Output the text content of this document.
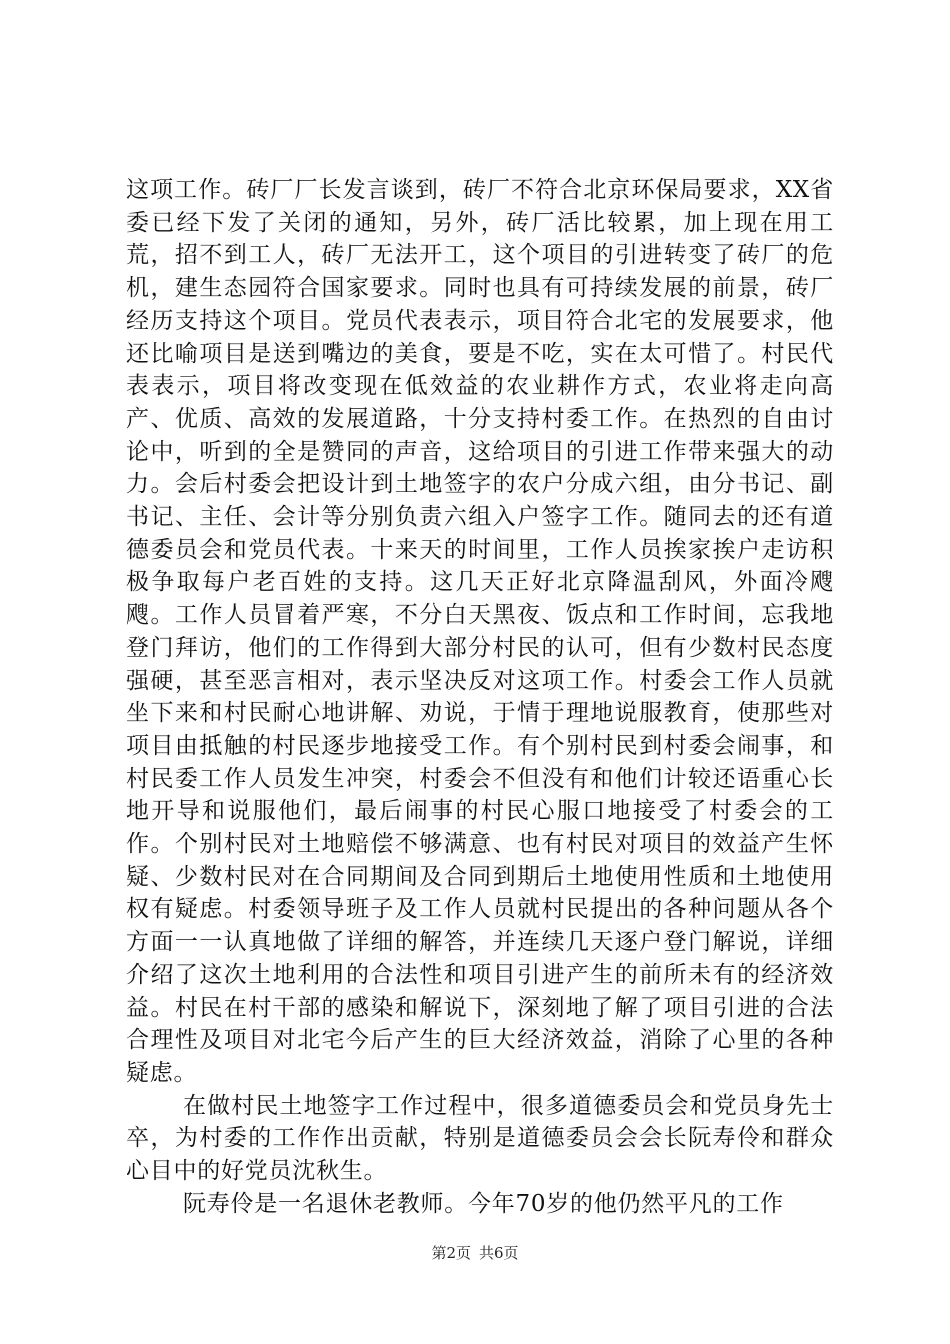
这项工作。砖厂厂长发言谈到，砖厂不符合北京环保局要求，XX省委已经下发了关闭的通知，另外，砖厂活比较累，加上现在用工荒，招不到工人，砖厂无法开工，这个项目的引进转变了砖厂的危机，建生态园符合国家要求。同时也具有可持续发展的前景，砖厂经历支持这个项目。党员代表表示，项目符合北宅的发展要求，他还比喻项目是送到嘴边的美食，要是不吃，实在太可惜了。村民代表表示，项目将改变现在低效益的农业耕作方式，农业将走向高产、优质、高效的发展道路，十分支持村委工作。在热烈的自由讨论中，听到的全是赞同的声音，这给项目的引进工作带来强大的动力。会后村委会把设计到土地签字的农户分成六组，由分书记、副书记、主任、会计等分别负责六组入户签字工作。随同去的还有道德委员会和党员代表。十来天的时间里，工作人员挨家挨户走访积极争取每户老百姓的支持。这几天正好北京降温刮风，外面冷飕飕。工作人员冒着严寒，不分白天黑夜、饭点和工作时间，忘我地登门拜访，他们的工作得到大部分村民的认可，但有少数村民态度强硬，甚至恶言相对，表示坚决反对这项工作。村委会工作人员就坐下来和村民耐心地讲解、劝说，于情于理地说服教育，使那些对项目由抵触的村民逐步地接受工作。有个别村民到村委会闹事，和村民委工作人员发生冲突，村委会不但没有和他们计较还语重心长地开导和说服他们，最后闹事的村民心服口地接受了村委会的工作。个别村民对土地赔偿不够满意、也有村民对项目的效益产生怀疑、少数村民对在合同期间及合同到期后土地使用性质和土地使用权有疑虑。村委领导班子及工作人员就村民提出的各种问题从各个方面一一认真地做了详细的解答，并连续几天逐户登门解说，详细介绍了这次土地利用的合法性和项目引进产生的前所未有的经济效益。村民在村干部的感染和解说下，深刻地了解了项目引进的合法合理性及项目对北宅今后产生的巨大经济效益，消除了心里的各种疑虑。

在做村民土地签字工作过程中，很多道德委员会和党员身先士卒，为村委的工作作出贡献，特别是道德委员会会长阮寿伶和群众心目中的好党员沈秋生。

阮寿伶是一名退休老教师。今年70岁的他仍然平凡的工作

第2页 共6页
